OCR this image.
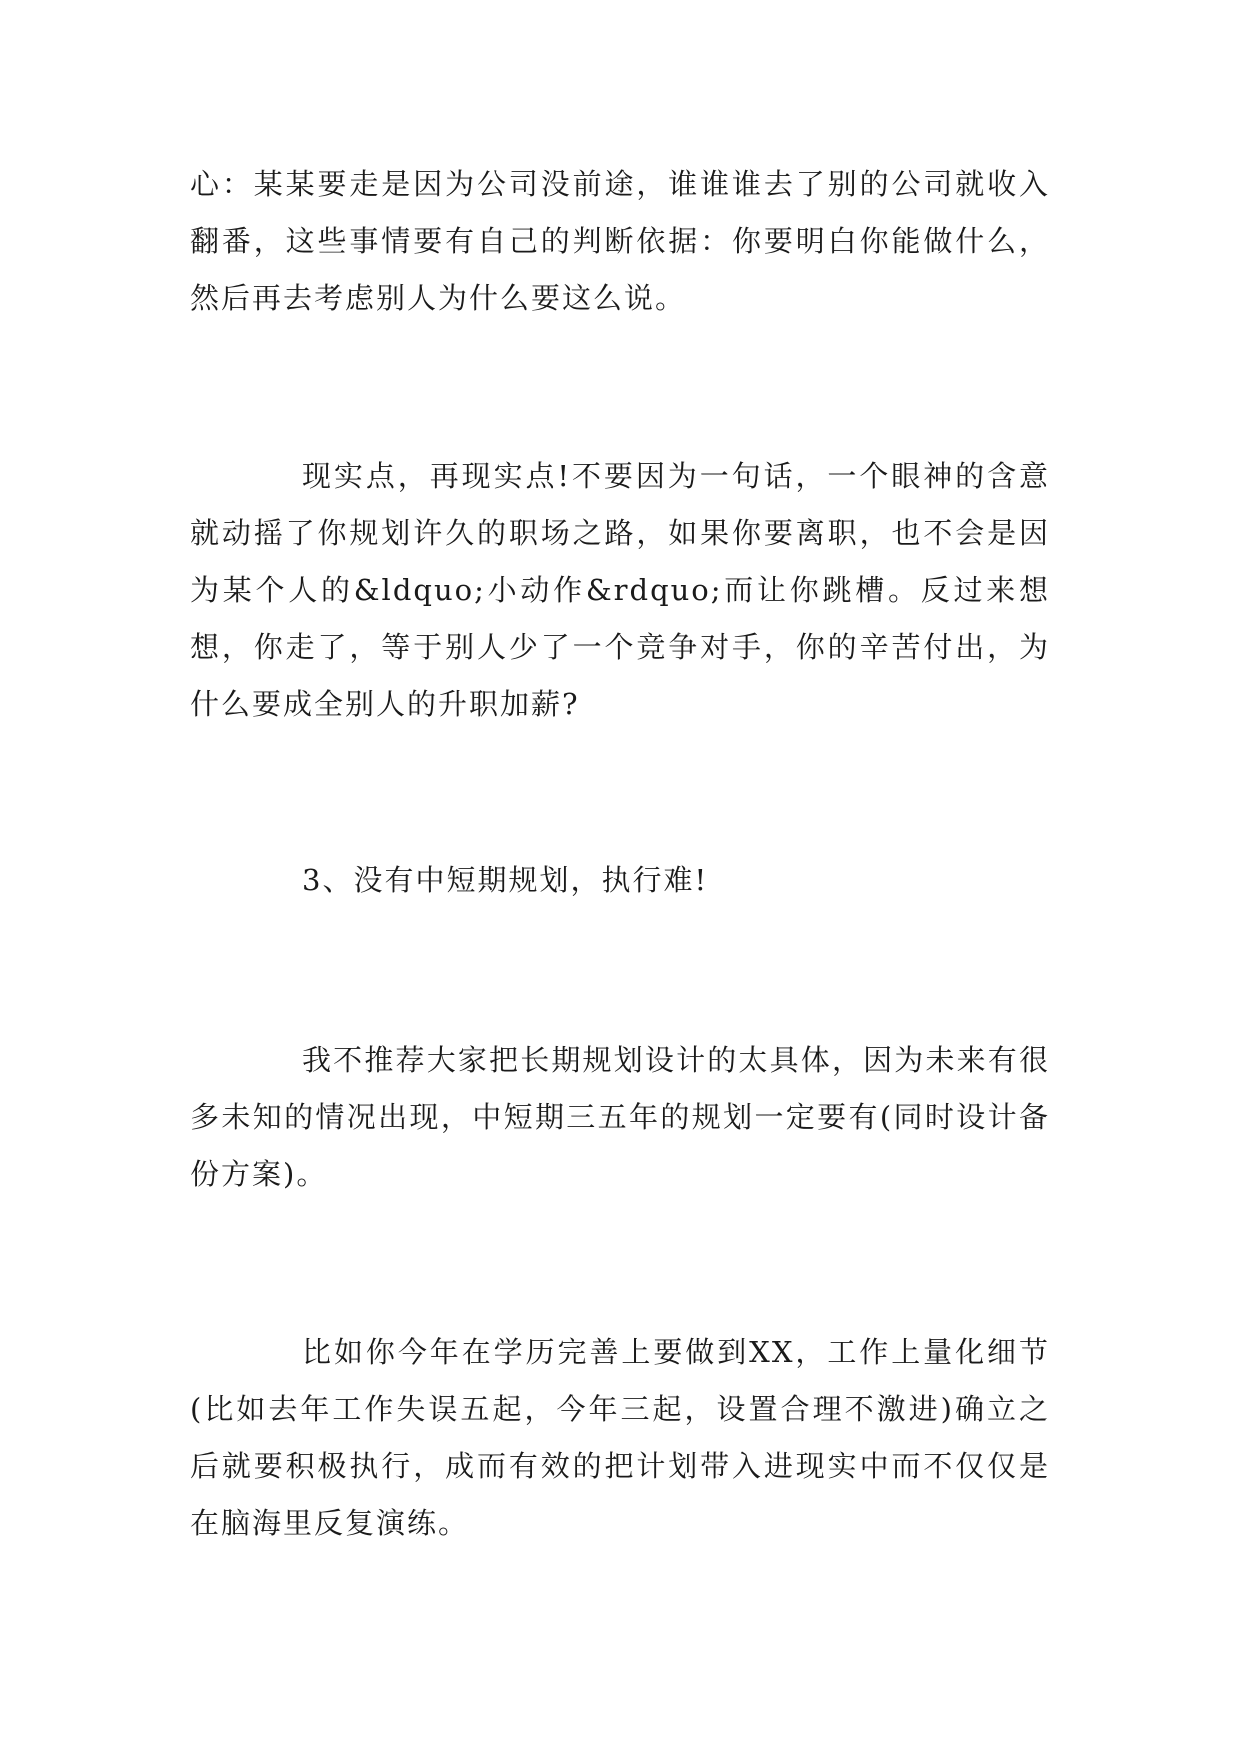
心：某某要走是因为公司没前途，谁谁谁去了别的公司就收入翻番，这些事情要有自己的判断依据：你要明白你能做什么，然后再去考虑别人为什么要这么说。

现实点，再现实点!不要因为一句话，一个眼神的含意就动摇了你规划许久的职场之路，如果你要离职，也不会是因为某个人的&ldquo;小动作&rdquo;而让你跳槽。反过来想想，你走了，等于别人少了一个竞争对手，你的辛苦付出，为什么要成全别人的升职加薪?

3、没有中短期规划，执行难!

我不推荐大家把长期规划设计的太具体，因为未来有很多未知的情况出现，中短期三五年的规划一定要有(同时设计备份方案)。

比如你今年在学历完善上要做到XX，工作上量化细节(比如去年工作失误五起，今年三起，设置合理不激进)确立之后就要积极执行，成而有效的把计划带入进现实中而不仅仅是在脑海里反复演练。
